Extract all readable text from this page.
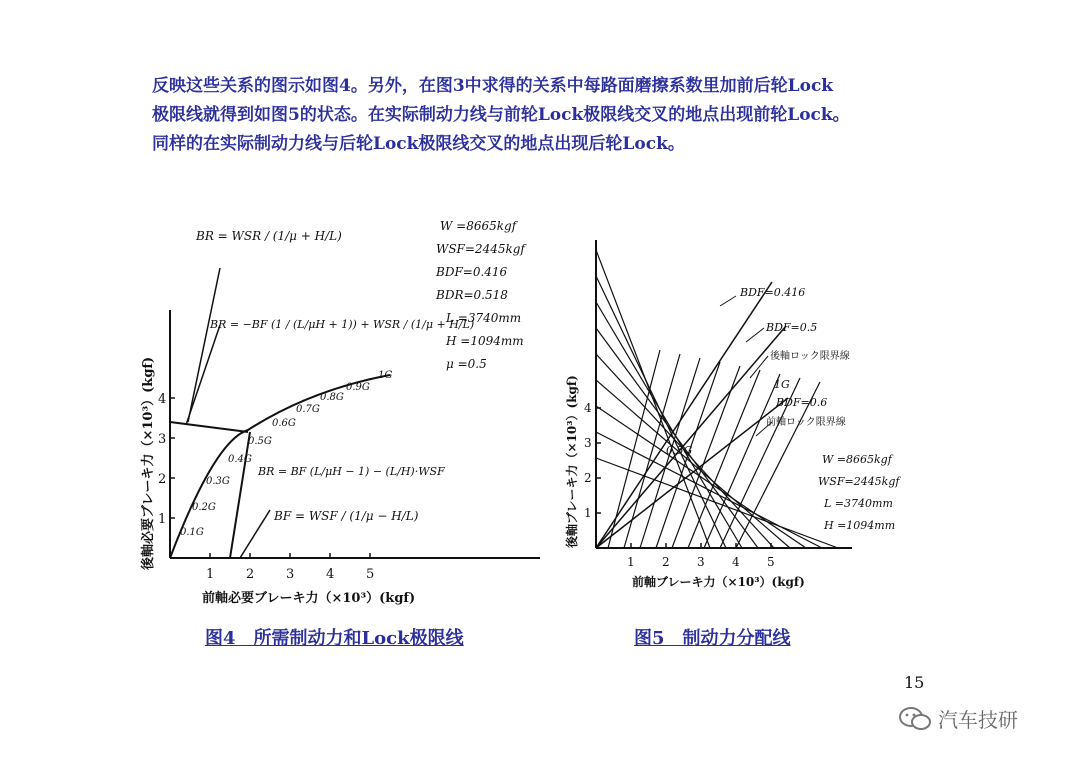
反映这些关系的图示如图4。另外，在图3中求得的关系中每路面磨擦系数里加前后轮Lock
极限线就得到如图5的状态。在实际制动力线与前轮Lock极限线交叉的地点出现前轮Lock。
同样的在实际制动力线与后轮Lock极限线交叉的地点出现后轮Lock。
1 2 3 4 5
1
2
3
4
前軸必要ブレーキ力（×10³）(kgf)
後軸必要ブレーキ力（×10³）(kgf) 0.1G
0.2G
0.3G
0.4G
0.5G
0.6G
0.7G
0.8G
0.9G
1G
BR = WSR / (1/μ + H/L)
BR = −BF (1 / (L/μH + 1)) + WSR / (1/μ + H/L)
BR = BF (L/μH − 1) − (L/H)·WSF
BF = WSF / (1/μ − H/L)
W =8665kgf
WSF=2445kgf
BDF=0.416
BDR=0.518
L =3740mm
H =1094mm
μ =0.5
图4　所需制动力和Lock极限线
1 2 3 4 5
1
2
3
4
前軸ブレーキ力（×10³）(kgf)
後軸ブレーキ力（×10³）(kgf)
BDF=0.416
BDF=0.5
後軸ロック限界線
1G
BDF=0.6
前軸ロック限界線
0.5G
W =8665kgf
WSF=2445kgf
L =3740mm
H =1094mm
图5　制动力分配线
15
汽车技研
